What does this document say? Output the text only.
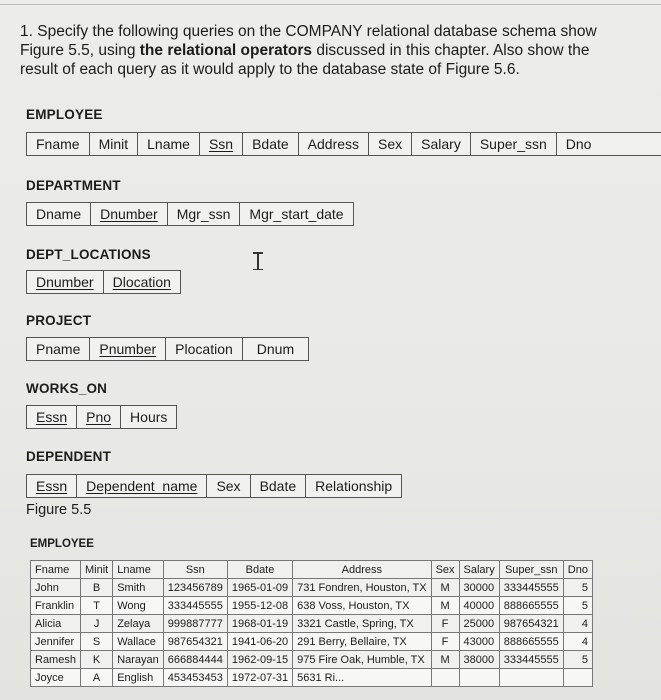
1. Specify the following queries on the COMPANY relational database schema show
Figure 5.5, using the relational operators discussed in this chapter. Also show the
result of each query as it would apply to the database state of Figure 5.6.
EMPLOYEE
Fname	Minit	Lname	Ssn	Bdate	Address	Sex	Salary	Super_ssn	Dno
DEPARTMENT
Dname	Dnumber	Mgr_ssn	Mgr_start_date
DEPT_LOCATIONS
Dnumber	Dlocation
PROJECT
Pname	Pnumber	Plocation	Dnum
WORKS_ON
Essn	Pno	Hours
DEPENDENT
Essn	Dependent_name	Sex	Bdate	Relationship
Figure 5.5
EMPLOYEE
Fname	Minit	Lname	Ssn	Bdate	Address	Sex	Salary	Super_ssn	Dno
John	B	Smith	123456789	1965-01-09	731 Fondren, Houston, TX	M	30000	333445555	5
Franklin	T	Wong	333445555	1955-12-08	638 Voss, Houston, TX	M	40000	888665555	5
Alicia	J	Zelaya	999887777	1968-01-19	3321 Castle, Spring, TX	F	25000	987654321	4
Jennifer	S	Wallace	987654321	1941-06-20	291 Berry, Bellaire, TX	F	43000	888665555	4
Ramesh	K	Narayan	666884444	1962-09-15	975 Fire Oak, Humble, TX	M	38000	333445555	5
Joyce	A	English	453453453	1972-07-31	5631 Ri...				
